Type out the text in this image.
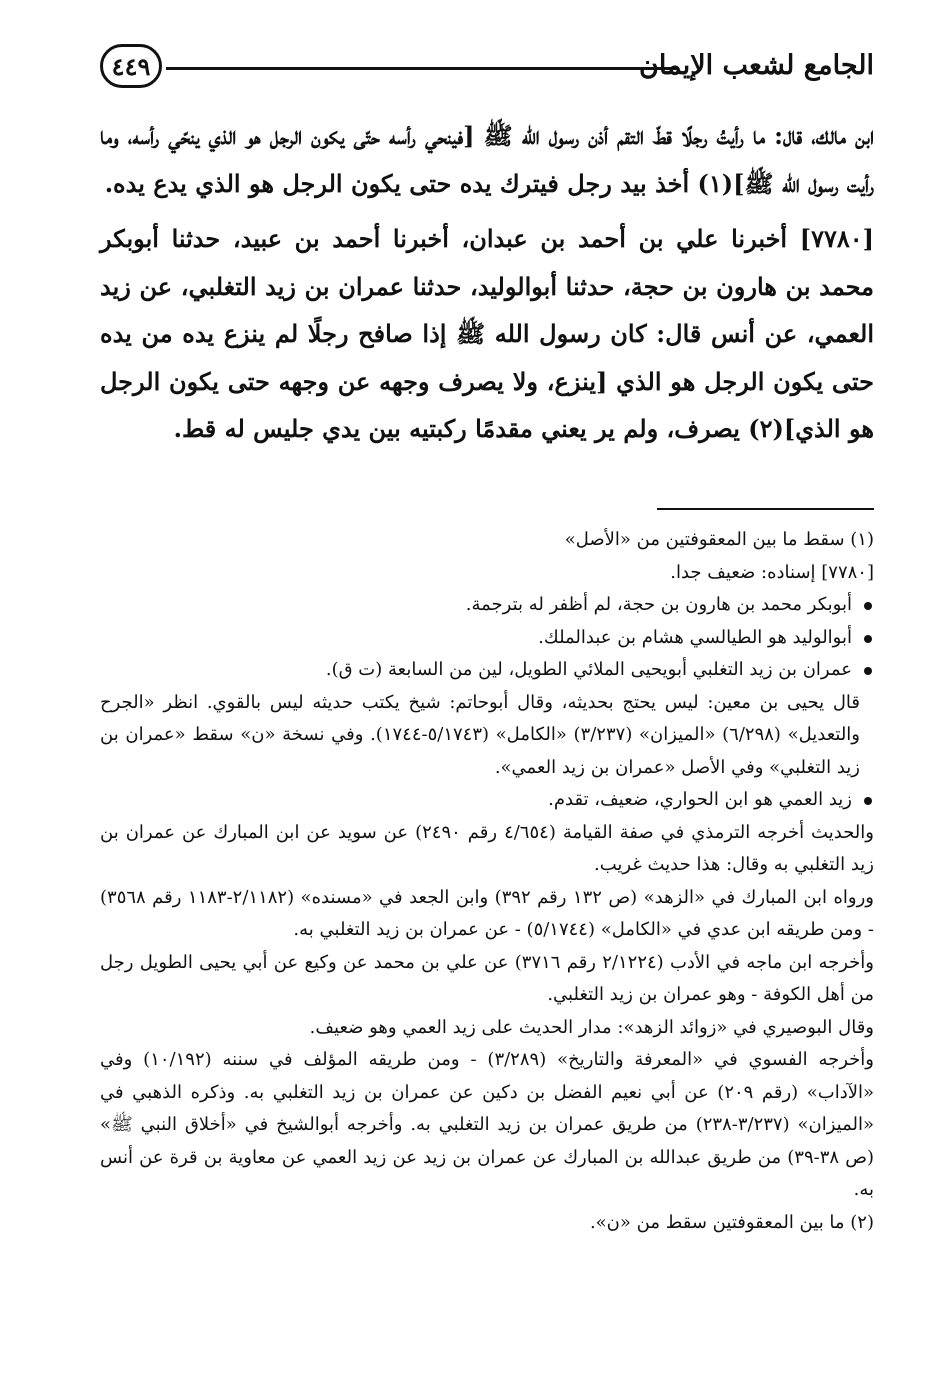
الجامع لشعب الإيمان
٤٤٩

ابن مالك، قال: ما رأيتُ رجلًا قطّ التقم أذن رسول الله ﷺ [فينحي رأسه حتّى يكون الرجل هو الذي ينحّي رأسه، وما رأيت رسول الله ﷺ](١) أخذ بيد رجل فيترك يده حتى يكون الرجل هو الذي يدع يده.

[٧٧٨٠] أخبرنا علي بن أحمد بن عبدان، أخبرنا أحمد بن عبيد، حدثنا أبوبكر محمد بن هارون بن حجة، حدثنا أبوالوليد، حدثنا عمران بن زيد التغلبي، عن زيد العمي، عن أنس قال: كان رسول الله ﷺ إذا صافح رجلًا لم ينزع يده من يده حتى يكون الرجل هو الذي [ينزع، ولا يصرف وجهه عن وجهه حتى يكون الرجل هو الذي](٢) يصرف، ولم ير يعني مقدمًا ركبتيه بين يدي جليس له قط.

(١) سقط ما بين المعقوفتين من «الأصل»

[٧٧٨٠] إسناده: ضعيف جدا.

أبوبكر محمد بن هارون بن حجة، لم أظفر له بترجمة.
أبوالوليد هو الطيالسي هشام بن عبدالملك.
عمران بن زيد التغلبي أبويحيى الملائي الطويل، لين من السابعة (ت ق).

قال يحيى بن معين: ليس يحتج بحديثه، وقال أبوحاتم: شيخ يكتب حديثه ليس بالقوي. انظر «الجرح والتعديل» (٦/٢٩٨) «الميزان» (٣/٢٣٧) «الكامل» (٥/١٧٤٣-١٧٤٤). وفي نسخة «ن» سقط «عمران بن زيد التغلبي» وفي الأصل «عمران بن زيد العمي».

زيد العمي هو ابن الحواري، ضعيف، تقدم.

والحديث أخرجه الترمذي في صفة القيامة (٤/٦٥٤ رقم ٢٤٩٠) عن سويد عن ابن المبارك عن عمران بن زيد التغلبي به وقال: هذا حديث غريب.

ورواه ابن المبارك في «الزهد» (ص ١٣٢ رقم ٣٩٢) وابن الجعد في «مسنده» (٢/١١٨٢-١١٨٣ رقم ٣٥٦٨) - ومن طريقه ابن عدي في «الكامل» (٥/١٧٤٤) - عن عمران بن زيد التغلبي به.

وأخرجه ابن ماجه في الأدب (٢/١٢٢٤ رقم ٣٧١٦) عن علي بن محمد عن وكيع عن أبي يحيى الطويل رجل من أهل الكوفة - وهو عمران بن زيد التغلبي.

وقال البوصيري في «زوائد الزهد»: مدار الحديث على زيد العمي وهو ضعيف.

وأخرجه الفسوي في «المعرفة والتاريخ» (٣/٢٨٩) - ومن طريقه المؤلف في سننه (١٠/١٩٢) وفي «الآداب» (رقم ٢٠٩) عن أبي نعيم الفضل بن دكين عن عمران بن زيد التغلبي به. وذكره الذهبي في «الميزان» (٣/٢٣٧-٢٣٨) من طريق عمران بن زيد التغلبي به. وأخرجه أبوالشيخ في «أخلاق النبي ﷺ» (ص ٣٨-٣٩) من طريق عبدالله بن المبارك عن عمران بن زيد عن زيد العمي عن معاوية بن قرة عن أنس به.

(٢) ما بين المعقوفتين سقط من «ن».
